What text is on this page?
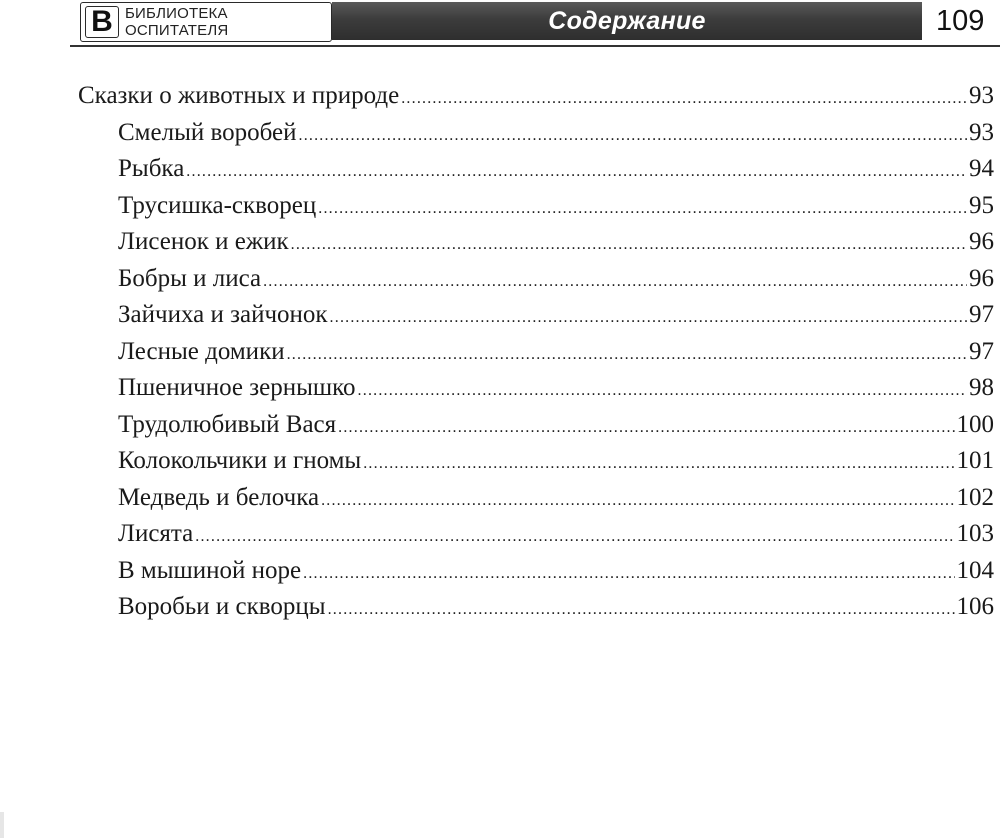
В БИБЛИОТЕКА
ОСПИТАТЕЛЯ	Содержание	109
Сказки о животных и природе .....	93
Смелый воробей .....	93
Рыбка .....	94
Трусишка-скворец .....	95
Лисенок и ежик .....	96
Бобры и лиса .....	96
Зайчиха и зайчонок .....	97
Лесные домики .....	97
Пшеничное зернышко .....	98
Трудолюбивый Вася .....	100
Колокольчики и гномы .....	101
Медведь и белочка .....	102
Лисята .....	103
В мышиной норе .....	104
Воробьи и скворцы .....	106
